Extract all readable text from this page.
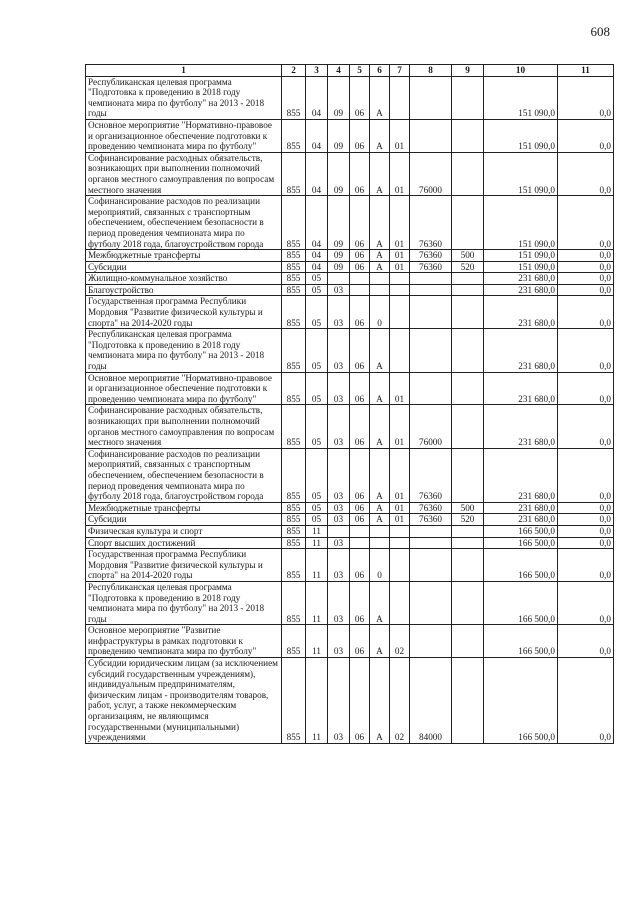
608
1	2	3	4	5	6	7	8	9	10	11
Республиканская целевая программа "Подготовка к проведению в 2018 году чемпионата мира по футболу" на 2013 - 2018 годы	855	04	09	06	А				151 090,0	0,0
Основное мероприятие "Нормативно-правовое и организационное обеспечение подготовки к проведению чемпионата мира по футболу"	855	04	09	06	А	01			151 090,0	0,0
Софинансирование расходных обязательств, возникающих при выполнении полномочий органов местного самоуправления по вопросам местного значения	855	04	09	06	А	01	76000		151 090,0	0,0
Софинансирование расходов по реализации мероприятий, связанных с транспортным обеспечением, обеспечением безопасности в период проведения чемпионата мира по футболу 2018 года, благоустройством города	855	04	09	06	А	01	76360		151 090,0	0,0
Межбюджетные трансферты	855	04	09	06	А	01	76360	500	151 090,0	0,0
Субсидии	855	04	09	06	А	01	76360	520	151 090,0	0,0
Жилищно-коммунальное хозяйство	855	05							231 680,0	0,0
Благоустройство	855	05	03						231 680,0	0,0
Государственная программа Республики Мордовия "Развитие физической культуры и спорта" на 2014-2020 годы	855	05	03	06	0				231 680,0	0,0
Республиканская целевая программа "Подготовка к проведению в 2018 году чемпионата мира по футболу" на 2013 - 2018 годы	855	05	03	06	А				231 680,0	0,0
Основное мероприятие "Нормативно-правовое и организационное обеспечение подготовки к проведению чемпионата мира по футболу"	855	05	03	06	А	01			231 680,0	0,0
Софинансирование расходных обязательств, возникающих при выполнении полномочий органов местного самоуправления по вопросам местного значения	855	05	03	06	А	01	76000		231 680,0	0,0
Софинансирование расходов по реализации мероприятий, связанных с транспортным обеспечением, обеспечением безопасности в период проведения чемпионата мира по футболу 2018 года, благоустройством города	855	05	03	06	А	01	76360		231 680,0	0,0
Межбюджетные трансферты	855	05	03	06	А	01	76360	500	231 680,0	0,0
Субсидии	855	05	03	06	А	01	76360	520	231 680,0	0,0
Физическая культура и спорт	855	11							166 500,0	0,0
Спорт высших достижений	855	11	03						166 500,0	0,0
Государственная программа Республики Мордовия "Развитие физической культуры и спорта" на 2014-2020 годы	855	11	03	06	0				166 500,0	0,0
Республиканская целевая программа "Подготовка к проведению в 2018 году чемпионата мира по футболу" на 2013 - 2018 годы	855	11	03	06	А				166 500,0	0,0
Основное мероприятие "Развитие инфраструктуры в рамках подготовки к проведению чемпионата мира по футболу"	855	11	03	06	А	02			166 500,0	0,0
Субсидии юридическим лицам (за исключением субсидий государственным учреждениям), индивидуальным предпринимателям, физическим лицам - производителям товаров, работ, услуг, а также некоммерческим организациям, не являющимся государственными (муниципальными) учреждениями	855	11	03	06	А	02	84000		166 500,0	0,0
